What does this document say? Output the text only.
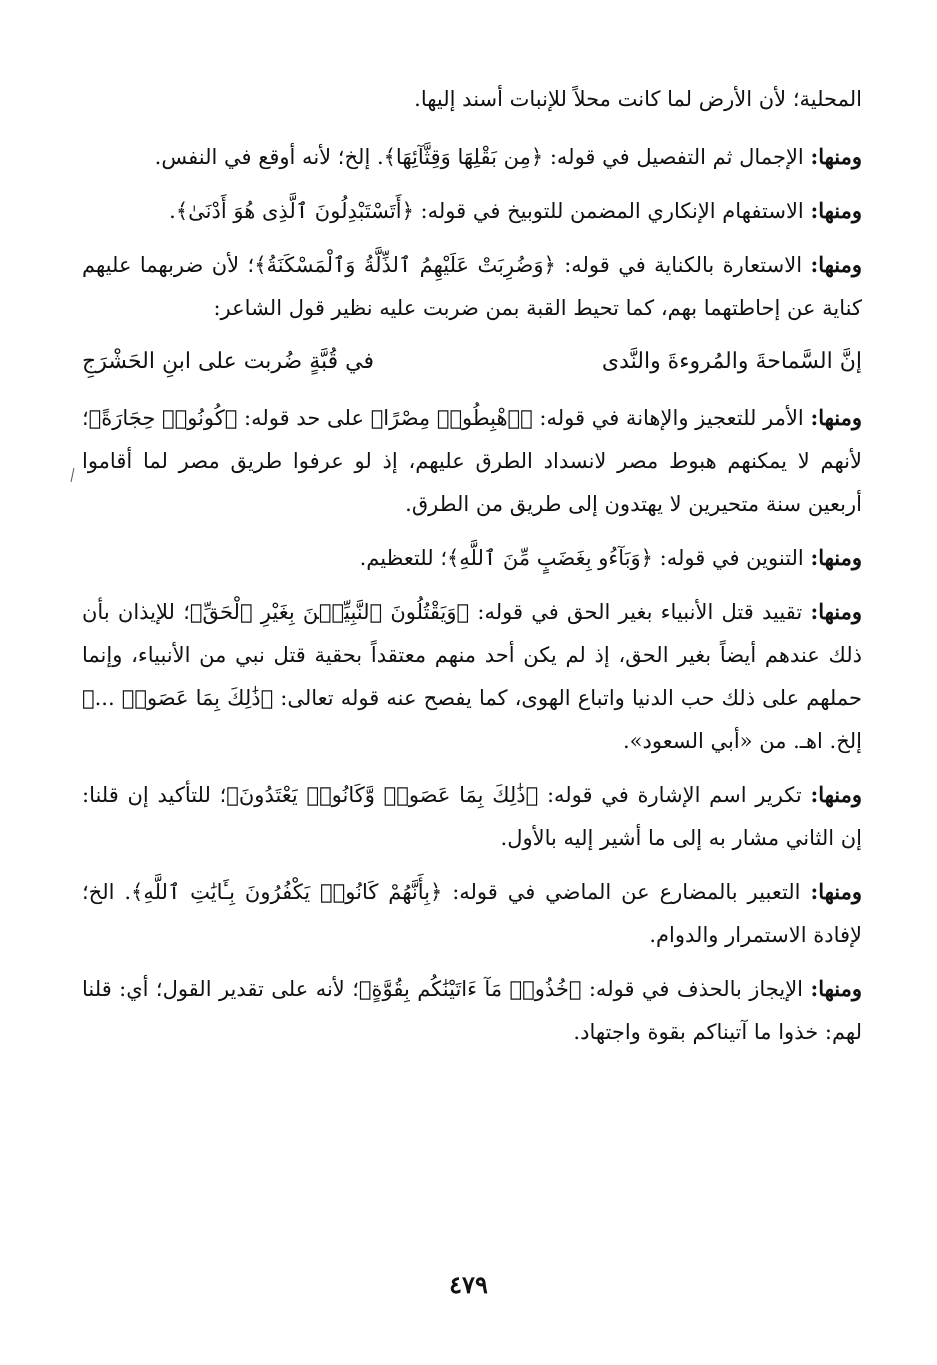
المحلية؛ لأن الأرض لما كانت محلاً للإنبات أسند إليها.

ومنها: الإجمال ثم التفصيل في قوله: ﴿مِن بَقْلِهَا وَقِثَّآئِهَا﴾. إلخ؛ لأنه أوقع في النفس.

ومنها: الاستفهام الإنكاري المضمن للتوبيخ في قوله: ﴿أَتَسْتَبْدِلُونَ ٱلَّذِى هُوَ أَدْنَىٰ﴾.

ومنها: الاستعارة بالكناية في قوله: ﴿وَضُرِبَتْ عَلَيْهِمُ ٱلذِّلَّةُ وَٱلْمَسْكَنَةُ﴾؛ لأن ضربهما عليهم كناية عن إحاطتهما بهم، كما تحيط القبة بمن ضربت عليه نظير قول الشاعر:

إنَّ السَّماحةَ والمُروءةَ والنَّدى
في قُبَّةٍ ضُربت على ابنِ الحَشْرَجِ

ومنها: الأمر للتعجيز والإهانة في قوله: ﴿ٱهْبِطُوا۟ مِصْرًا﴾ على حد قوله: ﴿كُونُوا۟ حِجَارَةً﴾؛ لأنهم لا يمكنهم هبوط مصر لانسداد الطرق عليهم، إذ لو عرفوا طريق مصر لما أقاموا أربعين سنة متحيرين لا يهتدون إلى طريق من الطرق.

ومنها: التنوين في قوله: ﴿وَبَآءُو بِغَضَبٍ مِّنَ ٱللَّهِ﴾؛ للتعظيم.

ومنها: تقييد قتل الأنبياء بغير الحق في قوله: ﴿وَيَقْتُلُونَ ٱلنَّبِيِّـۧنَ بِغَيْرِ ٱلْحَقِّ﴾؛ للإيذان بأن ذلك عندهم أيضاً بغير الحق، إذ لم يكن أحد منهم معتقداً بحقية قتل نبي من الأنبياء، وإنما حملهم على ذلك حب الدنيا واتباع الهوى، كما يفصح عنه قوله تعالى: ﴿ذَٰلِكَ بِمَا عَصَوا۟ ...﴾ إلخ. اهـ. من «أبي السعود».

ومنها: تكرير اسم الإشارة في قوله: ﴿ذَٰلِكَ بِمَا عَصَوا۟ وَّكَانُوا۟ يَعْتَدُونَ﴾؛ للتأكيد إن قلنا: إن الثاني مشار به إلى ما أشير إليه بالأول.

ومنها: التعبير بالمضارع عن الماضي في قوله: ﴿بِأَنَّهُمْ كَانُوا۟ يَكْفُرُونَ بِـَٔايَٰتِ ٱللَّهِ﴾. الخ؛ لإفادة الاستمرار والدوام.

ومنها: الإيجاز بالحذف في قوله: ﴿خُذُوا۟ مَآ ءَاتَيْنَٰكُم بِقُوَّةٍ﴾؛ لأنه على تقدير القول؛ أي: قلنا لهم: خذوا ما آتيناكم بقوة واجتهاد.

٤٧٩
